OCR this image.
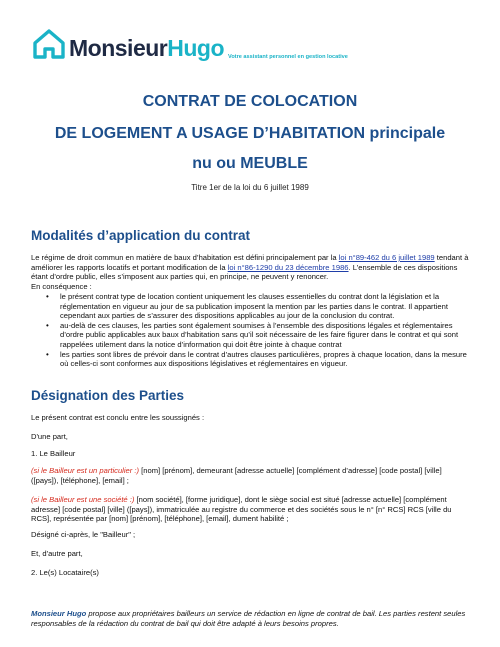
MonsieurHugo Votre assistant personnel en gestion locative
CONTRAT DE COLOCATION
DE LOGEMENT A USAGE D’HABITATION principale
nu ou MEUBLE
Titre 1er de la loi du 6 juillet 1989
Modalités d’application du contrat

Le régime de droit commun en matière de baux d’habitation est défini principalement par la loi n°89-462 du 6 juillet 1989 tendant à améliorer les rapports locatifs et portant modification de la loi n°86-1290 du 23 décembre 1986. L’ensemble de ces dispositions étant d’ordre public, elles s’imposent aux parties qui, en principe, ne peuvent y renoncer.
En conséquence :

• le présent contrat type de location contient uniquement les clauses essentielles du contrat dont la législation et la réglementation en vigueur au jour de sa publication imposent la mention par les parties dans le contrat. Il appartient cependant aux parties de s’assurer des dispositions applicables au jour de la conclusion du contrat.
• au-delà de ces clauses, les parties sont également soumises à l’ensemble des dispositions légales et réglementaires d’ordre public applicables aux baux d’habitation sans qu’il soit nécessaire de les faire figurer dans le contrat et qui sont rappelées utilement dans la notice d’information qui doit être jointe à chaque contrat
• les parties sont libres de prévoir dans le contrat d’autres clauses particulières, propres à chaque location, dans la mesure où celles-ci sont conformes aux dispositions législatives et réglementaires en vigueur.
Désignation des Parties

Le présent contrat est conclu entre les soussignés :

D'une part,

1. Le Bailleur

(si le Bailleur est un particulier :) [nom] [prénom], demeurant [adresse actuelle] [complément d’adresse] [code postal] [ville] ([pays]), [téléphone], [email] ;

(si le Bailleur est une société :) [nom société], [forme juridique], dont le siège social est situé [adresse actuelle] [complément adresse] [code postal] [ville] ([pays]), immatriculée au registre du commerce et des sociétés sous le n° [n° RCS] RCS [ville du RCS], représentée par [nom] [prénom], [téléphone], [email], dument habilité ;

Désigné ci-après, le "Bailleur" ;

Et, d'autre part,

2. Le(s) Locataire(s)

Monsieur Hugo propose aux propriétaires bailleurs un service de rédaction en ligne de contrat de bail. Les parties restent seules responsables de la rédaction du contrat de bail qui doit être adapté à leurs besoins propres.
